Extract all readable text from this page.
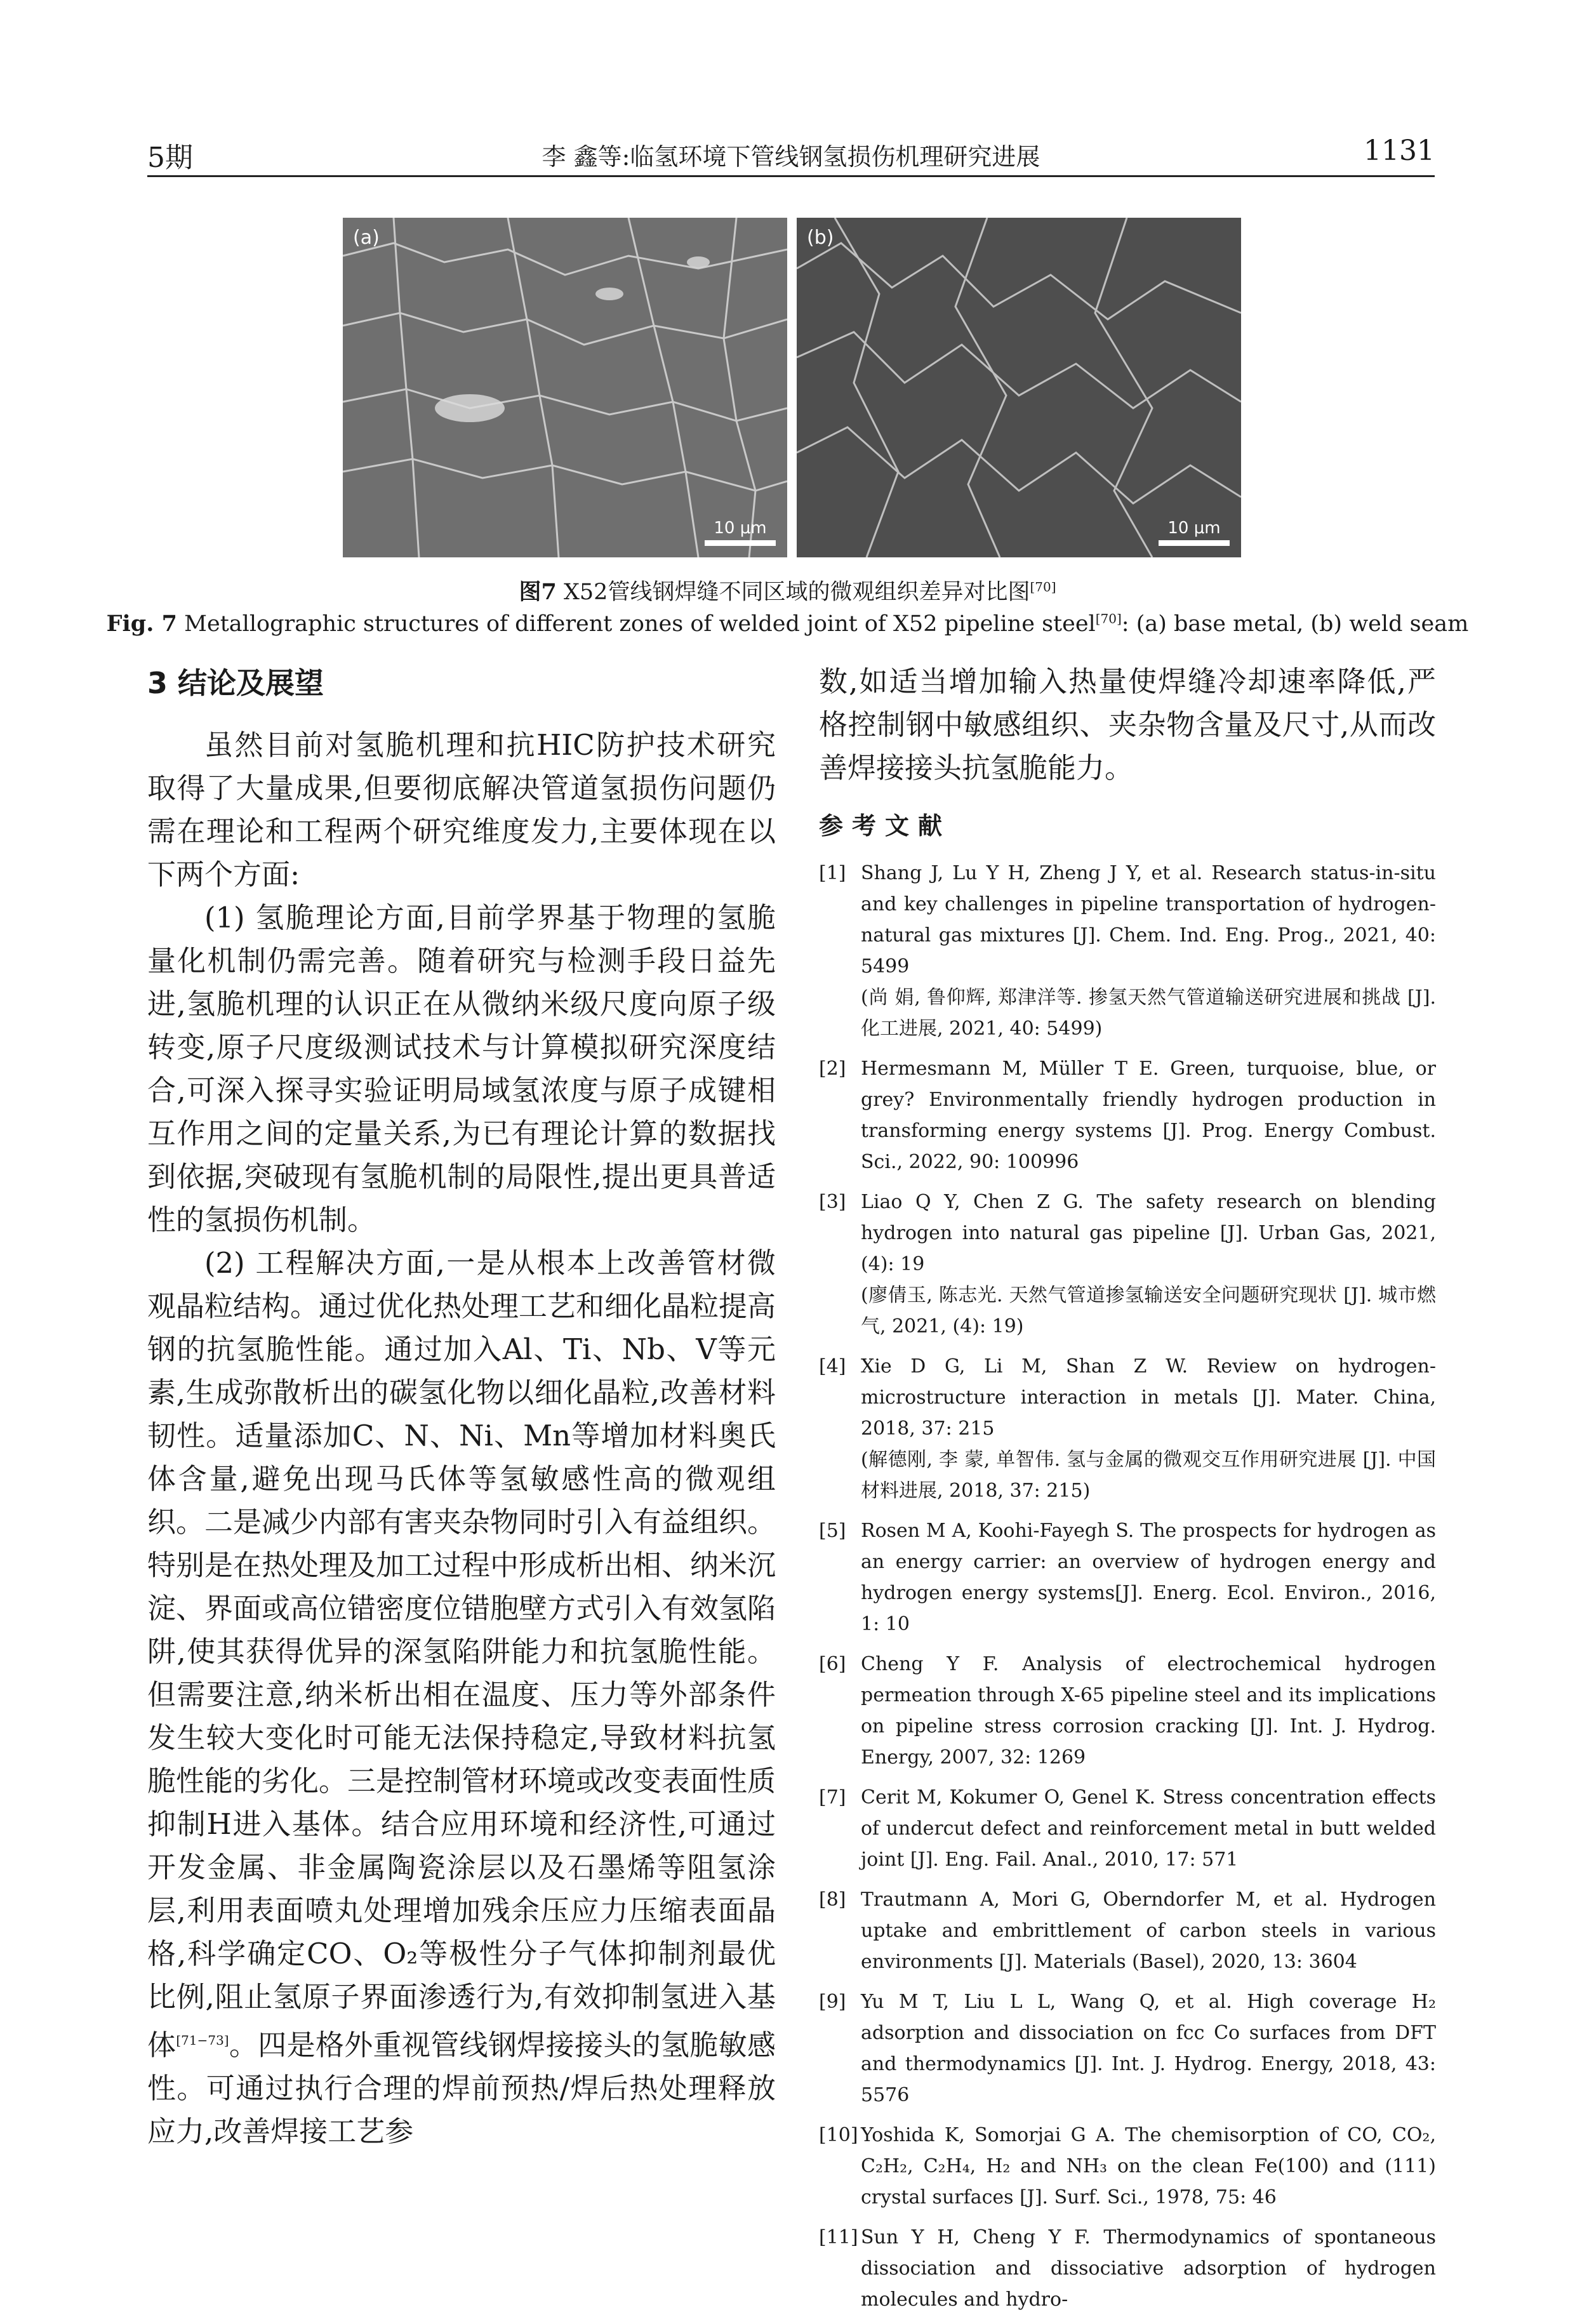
5期	李 鑫等:临氢环境下管线钢氢损伤机理研究进展	1131
(a)
10 μm
(b)
10 μm
图7 X52管线钢焊缝不同区域的微观组织差异对比图[70]
Fig. 7 Metallographic structures of different zones of welded joint of X52 pipeline steel[70]: (a) base metal, (b) weld seam
3 结论及展望

虽然目前对氢脆机理和抗HIC防护技术研究取得了大量成果,但要彻底解决管道氢损伤问题仍需在理论和工程两个研究维度发力,主要体现在以下两个方面:

(1) 氢脆理论方面,目前学界基于物理的氢脆量化机制仍需完善。随着研究与检测手段日益先进,氢脆机理的认识正在从微纳米级尺度向原子级转变,原子尺度级测试技术与计算模拟研究深度结合,可深入探寻实验证明局域氢浓度与原子成键相互作用之间的定量关系,为已有理论计算的数据找到依据,突破现有氢脆机制的局限性,提出更具普适性的氢损伤机制。

(2) 工程解决方面,一是从根本上改善管材微观晶粒结构。通过优化热处理工艺和细化晶粒提高钢的抗氢脆性能。通过加入Al、Ti、Nb、V等元素,生成弥散析出的碳氢化物以细化晶粒,改善材料韧性。适量添加C、N、Ni、Mn等增加材料奥氏体含量,避免出现马氏体等氢敏感性高的微观组织。二是减少内部有害夹杂物同时引入有益组织。特别是在热处理及加工过程中形成析出相、纳米沉淀、界面或高位错密度位错胞壁方式引入有效氢陷阱,使其获得优异的深氢陷阱能力和抗氢脆性能。但需要注意,纳米析出相在温度、压力等外部条件发生较大变化时可能无法保持稳定,导致材料抗氢脆性能的劣化。三是控制管材环境或改变表面性质抑制H进入基体。结合应用环境和经济性,可通过开发金属、非金属陶瓷涂层以及石墨烯等阻氢涂层,利用表面喷丸处理增加残余压应力压缩表面晶格,科学确定CO、O₂等极性分子气体抑制剂最优比例,阻止氢原子界面渗透行为,有效抑制氢进入基体[71−73]。四是格外重视管线钢焊接接头的氢脆敏感性。可通过执行合理的焊前预热/焊后热处理释放应力,改善焊接工艺参

数,如适当增加输入热量使焊缝冷却速率降低,严格控制钢中敏感组织、夹杂物含量及尺寸,从而改善焊接接头抗氢脆能力。

参考文献
[1] Shang J, Lu Y H, Zheng J Y, et al. Research status-in-situ and key challenges in pipeline transportation of hydrogen-natural gas mixtures [J]. Chem. Ind. Eng. Prog., 2021, 40: 5499
(尚 娟, 鲁仰辉, 郑津洋等. 掺氢天然气管道输送研究进展和挑战 [J]. 化工进展, 2021, 40: 5499)
[2] Hermesmann M, Müller T E. Green, turquoise, blue, or grey? Environmentally friendly hydrogen production in transforming energy systems [J]. Prog. Energy Combust. Sci., 2022, 90: 100996
[3] Liao Q Y, Chen Z G. The safety research on blending hydrogen into natural gas pipeline [J]. Urban Gas, 2021, (4): 19
(廖倩玉, 陈志光. 天然气管道掺氢输送安全问题研究现状 [J]. 城市燃气, 2021, (4): 19)
[4] Xie D G, Li M, Shan Z W. Review on hydrogen-microstructure interaction in metals [J]. Mater. China, 2018, 37: 215
(解德刚, 李 蒙, 单智伟. 氢与金属的微观交互作用研究进展 [J]. 中国材料进展, 2018, 37: 215)
[5] Rosen M A, Koohi-Fayegh S. The prospects for hydrogen as an energy carrier: an overview of hydrogen energy and hydrogen energy systems[J]. Energ. Ecol. Environ., 2016, 1: 10
[6] Cheng Y F. Analysis of electrochemical hydrogen permeation through X-65 pipeline steel and its implications on pipeline stress corrosion cracking [J]. Int. J. Hydrog. Energy, 2007, 32: 1269
[7] Cerit M, Kokumer O, Genel K. Stress concentration effects of undercut defect and reinforcement metal in butt welded joint [J]. Eng. Fail. Anal., 2010, 17: 571
[8] Trautmann A, Mori G, Oberndorfer M, et al. Hydrogen uptake and embrittlement of carbon steels in various environments [J]. Materials (Basel), 2020, 13: 3604
[9] Yu M T, Liu L L, Wang Q, et al. High coverage H₂ adsorption and dissociation on fcc Co surfaces from DFT and thermodynamics [J]. Int. J. Hydrog. Energy, 2018, 43: 5576
[10] Yoshida K, Somorjai G A. The chemisorption of CO, CO₂, C₂H₂, C₂H₄, H₂ and NH₃ on the clean Fe(100) and (111) crystal surfaces [J]. Surf. Sci., 1978, 75: 46
[11] Sun Y H, Cheng Y F. Thermodynamics of spontaneous dissociation and dissociative adsorption of hydrogen molecules and hydro-
